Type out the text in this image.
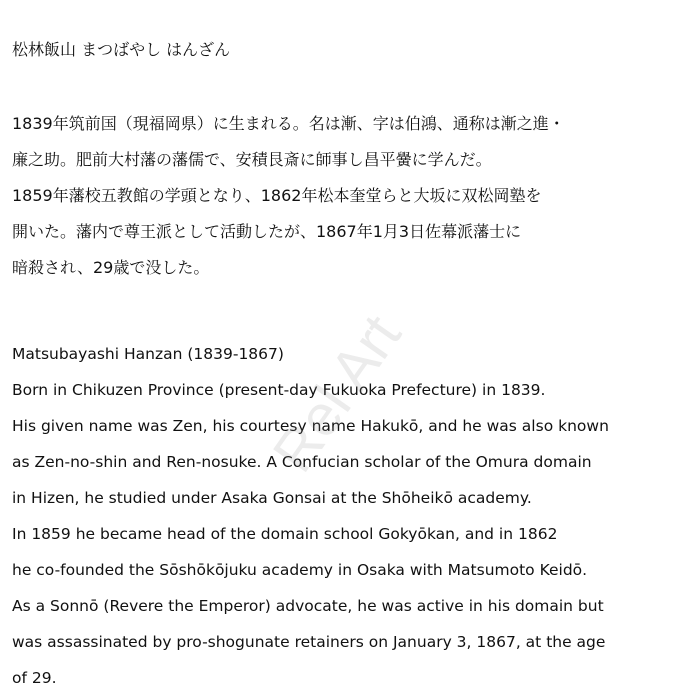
松林飯山 まつばやし はんざん
1839年筑前国（現福岡県）に生まれる。名は漸、字は伯鴻、通称は漸之進・
廉之助。肥前大村藩の藩儒で、安積艮斎に師事し昌平黌に学んだ。
1859年藩校五教館の学頭となり、1862年松本奎堂らと大坂に双松岡塾を
開いた。藩内で尊王派として活動したが、1867年1月3日佐幕派藩士に
暗殺され、29歳で没した。
Matsubayashi Hanzan (1839-1867)
Born in Chikuzen Province (present-day Fukuoka Prefecture) in 1839.
His given name was Zen, his courtesy name Hakukō, and he was also known
as Zen-no-shin and Ren-nosuke. A Confucian scholar of the Omura domain
in Hizen, he studied under Asaka Gonsai at the Shōheikō academy.
In 1859 he became head of the domain school Gokyōkan, and in 1862
he co-founded the Sōshōkōjuku academy in Osaka with Matsumoto Keidō.
As a Sonnō (Revere the Emperor) advocate, he was active in his domain but
was assassinated by pro-shogunate retainers on January 3, 1867, at the age
of 29.
Rel Art
